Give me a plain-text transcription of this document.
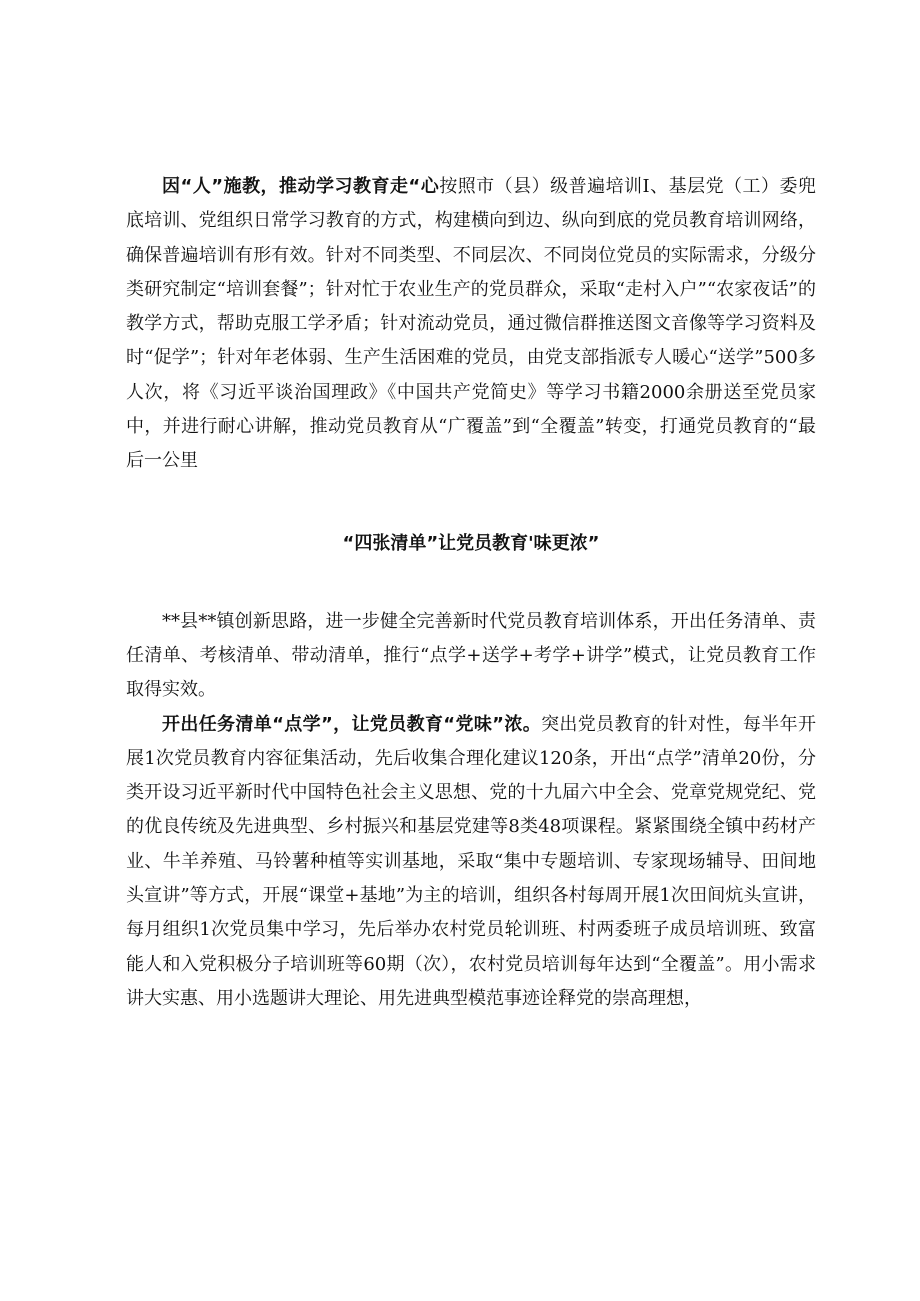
因“人”施教，推动学习教育走“心按照市（县）级普遍培训I、基层党（工）委兜底培训、党组织日常学习教育的方式，构建横向到边、纵向到底的党员教育培训网络，确保普遍培训有形有效。针对不同类型、不同层次、不同岗位党员的实际需求，分级分类研究制定“培训套餐”；针对忙于农业生产的党员群众，采取“走村入户”“农家夜话”的教学方式，帮助克服工学矛盾；针对流动党员，通过微信群推送图文音像等学习资料及时“促学”；针对年老体弱、生产生活困难的党员，由党支部指派专人暖心“送学”500多人次，将《习近平谈治国理政》《中国共产党简史》等学习书籍2000余册送至党员家中，并进行耐心讲解，推动党员教育从“广覆盖”到“全覆盖”转变，打通党员教育的“最后一公里

“四张清单”让党员教育'味更浓”

**县**镇创新思路，进一步健全完善新时代党员教育培训体系，开出任务清单、责任清单、考核清单、带动清单，推行“点学+送学+考学+讲学”模式，让党员教育工作取得实效。

开出任务清单“点学”，让党员教育“党味”浓。突出党员教育的针对性，每半年开展1次党员教育内容征集活动，先后收集合理化建议120条，开出“点学”清单20份，分类开设习近平新时代中国特色社会主义思想、党的十九届六中全会、党章党规党纪、党的优良传统及先进典型、乡村振兴和基层党建等8类48项课程。紧紧围绕全镇中药材产业、牛羊养殖、马铃薯种植等实训基地，采取“集中专题培训、专家现场辅导、田间地头宣讲”等方式，开展“课堂+基地”为主的培训，组织各村每周开展1次田间炕头宣讲，每月组织1次党员集中学习，先后举办农村党员轮训班、村两委班子成员培训班、致富能人和入党积极分子培训班等60期（次），农村党员培训每年达到“全覆盖”。用小需求讲大实惠、用小选题讲大理论、用先进典型模范事迹诠释党的崇高理想，
